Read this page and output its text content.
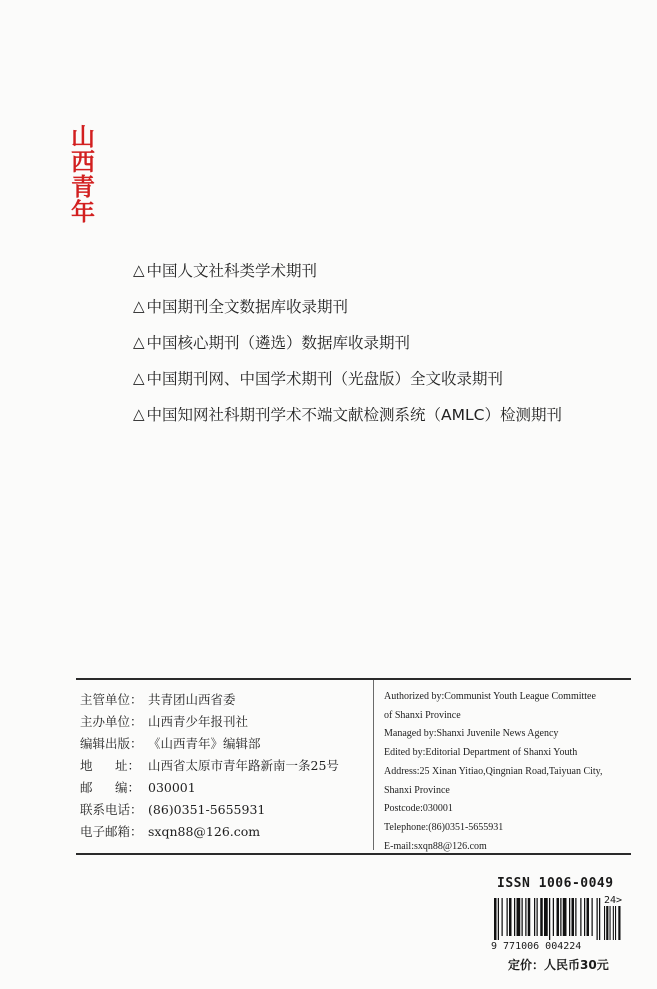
山
西
青
年
△ 中国人文社科类学术期刊
△ 中国期刊全文数据库收录期刊
△ 中国核心期刊（遴选）数据库收录期刊
△ 中国期刊网、中国学术期刊（光盘版）全文收录期刊
△ 中国知网社科期刊学术不端文献检测系统（AMLC）检测期刊
主管单位： 共青团山西省委
主办单位： 山西青少年报刊社
编辑出版： 《山西青年》编辑部
地 址： 山西省太原市青年路新南一条25号
邮 编： 030001
联系电话： (86)0351-5655931
电子邮箱： sxqn88@126.com
Authorized by:Communist Youth League Committee
of Shanxi Province
Managed by:Shanxi Juvenile News Agency
Edited by:Editorial Department of Shanxi Youth
Address:25 Xinan Yitiao,Qingnian Road,Taiyuan City,
Shanxi Province
Postcode:030001
Telephone:(86)0351-5655931
E-mail:sxqn88@126.com
ISSN 1006-0049
24>
9 771006 004224
定价：人民币30元
